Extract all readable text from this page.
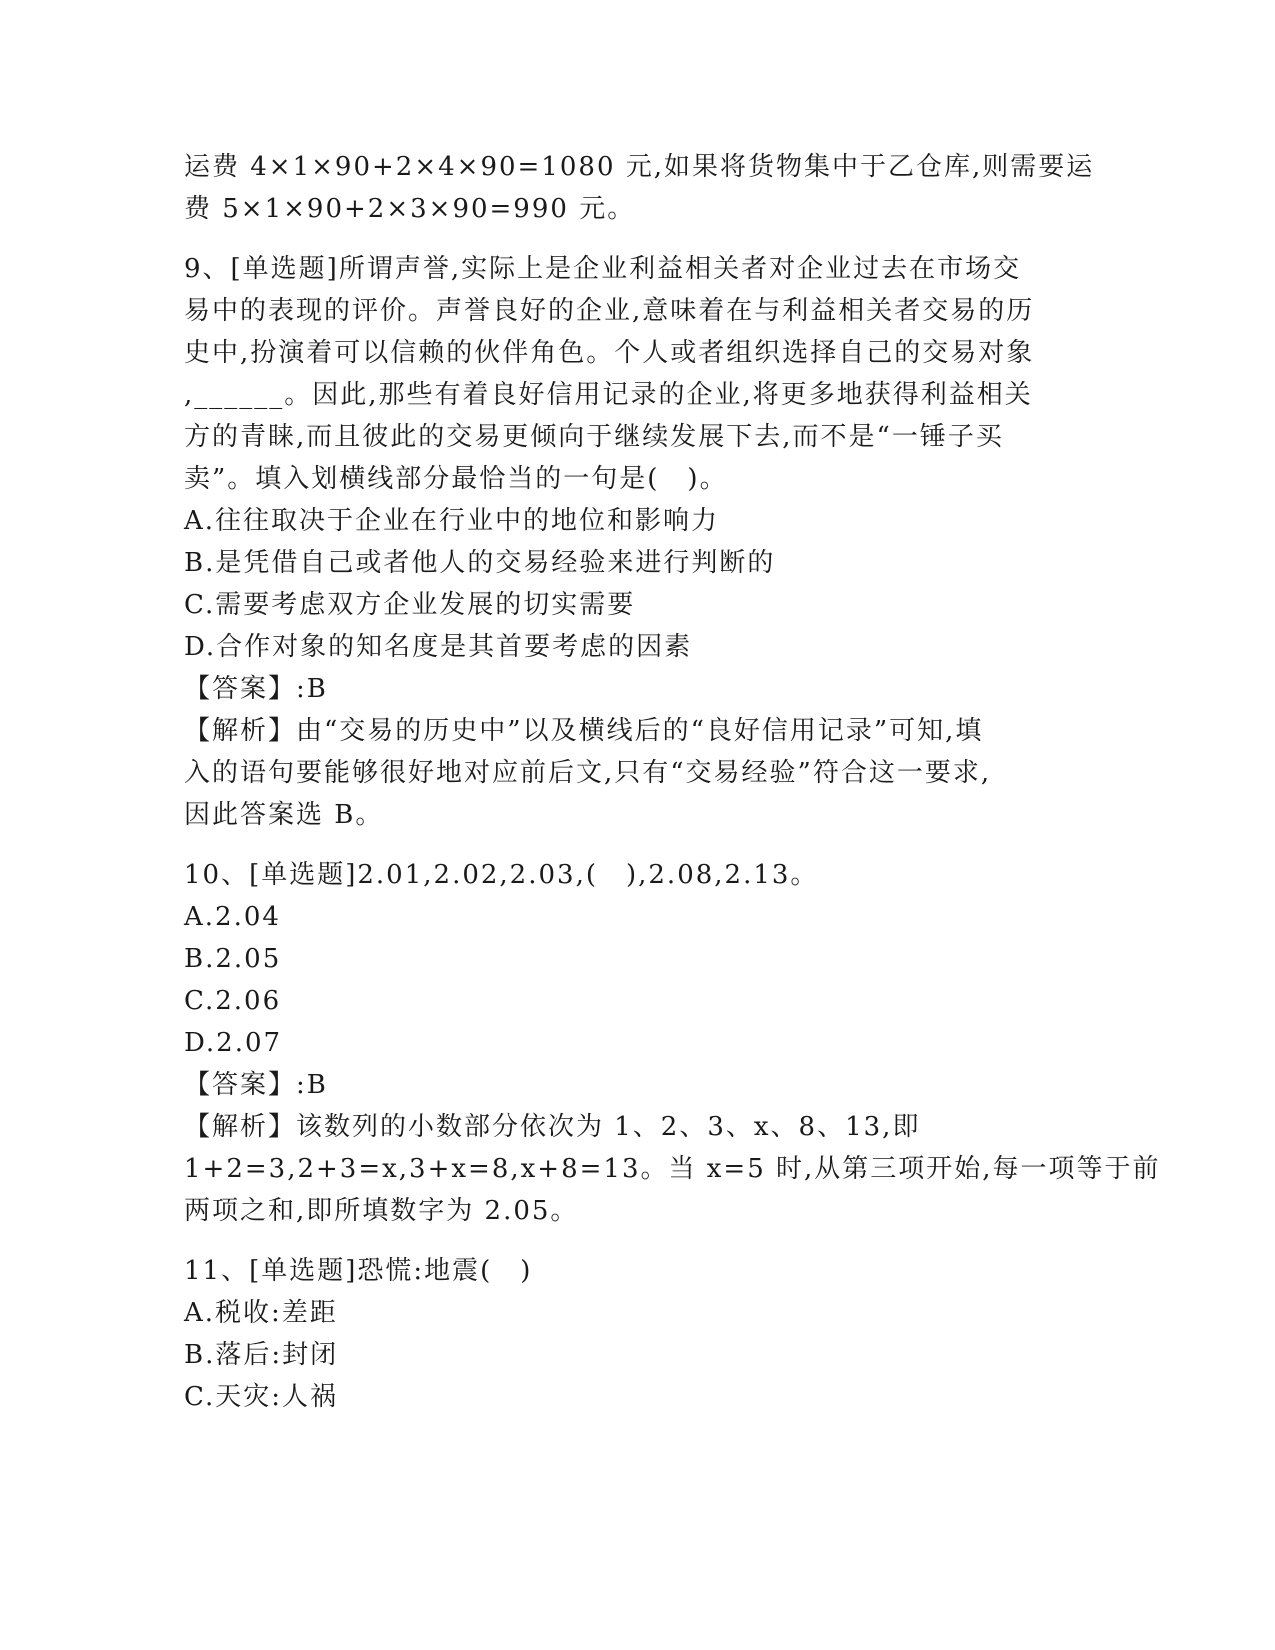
运费 4×1×90+2×4×90=1080 元,如果将货物集中于乙仓库,则需要运
费 5×1×90+2×3×90=990 元。
9、[单选题]所谓声誉,实际上是企业利益相关者对企业过去在市场交
易中的表现的评价。声誉良好的企业,意味着在与利益相关者交易的历
史中,扮演着可以信赖的伙伴角色。个人或者组织选择自己的交易对象
,______。因此,那些有着良好信用记录的企业,将更多地获得利益相关
方的青睐,而且彼此的交易更倾向于继续发展下去,而不是“一锤子买
卖”。填入划横线部分最恰当的一句是(　)。
A.往往取决于企业在行业中的地位和影响力
B.是凭借自己或者他人的交易经验来进行判断的
C.需要考虑双方企业发展的切实需要
D.合作对象的知名度是其首要考虑的因素
【答案】:B
【解析】由“交易的历史中”以及横线后的“良好信用记录”可知,填
入的语句要能够很好地对应前后文,只有“交易经验”符合这一要求,
因此答案选 B。
10、[单选题]2.01,2.02,2.03,(　),2.08,2.13。
A.2.04
B.2.05
C.2.06
D.2.07
【答案】:B
【解析】该数列的小数部分依次为 1、2、3、x、8、13,即
1+2=3,2+3=x,3+x=8,x+8=13。当 x=5 时,从第三项开始,每一项等于前
两项之和,即所填数字为 2.05。
11、[单选题]恐慌:地震(　)
A.税收:差距
B.落后:封闭
C.天灾:人祸
